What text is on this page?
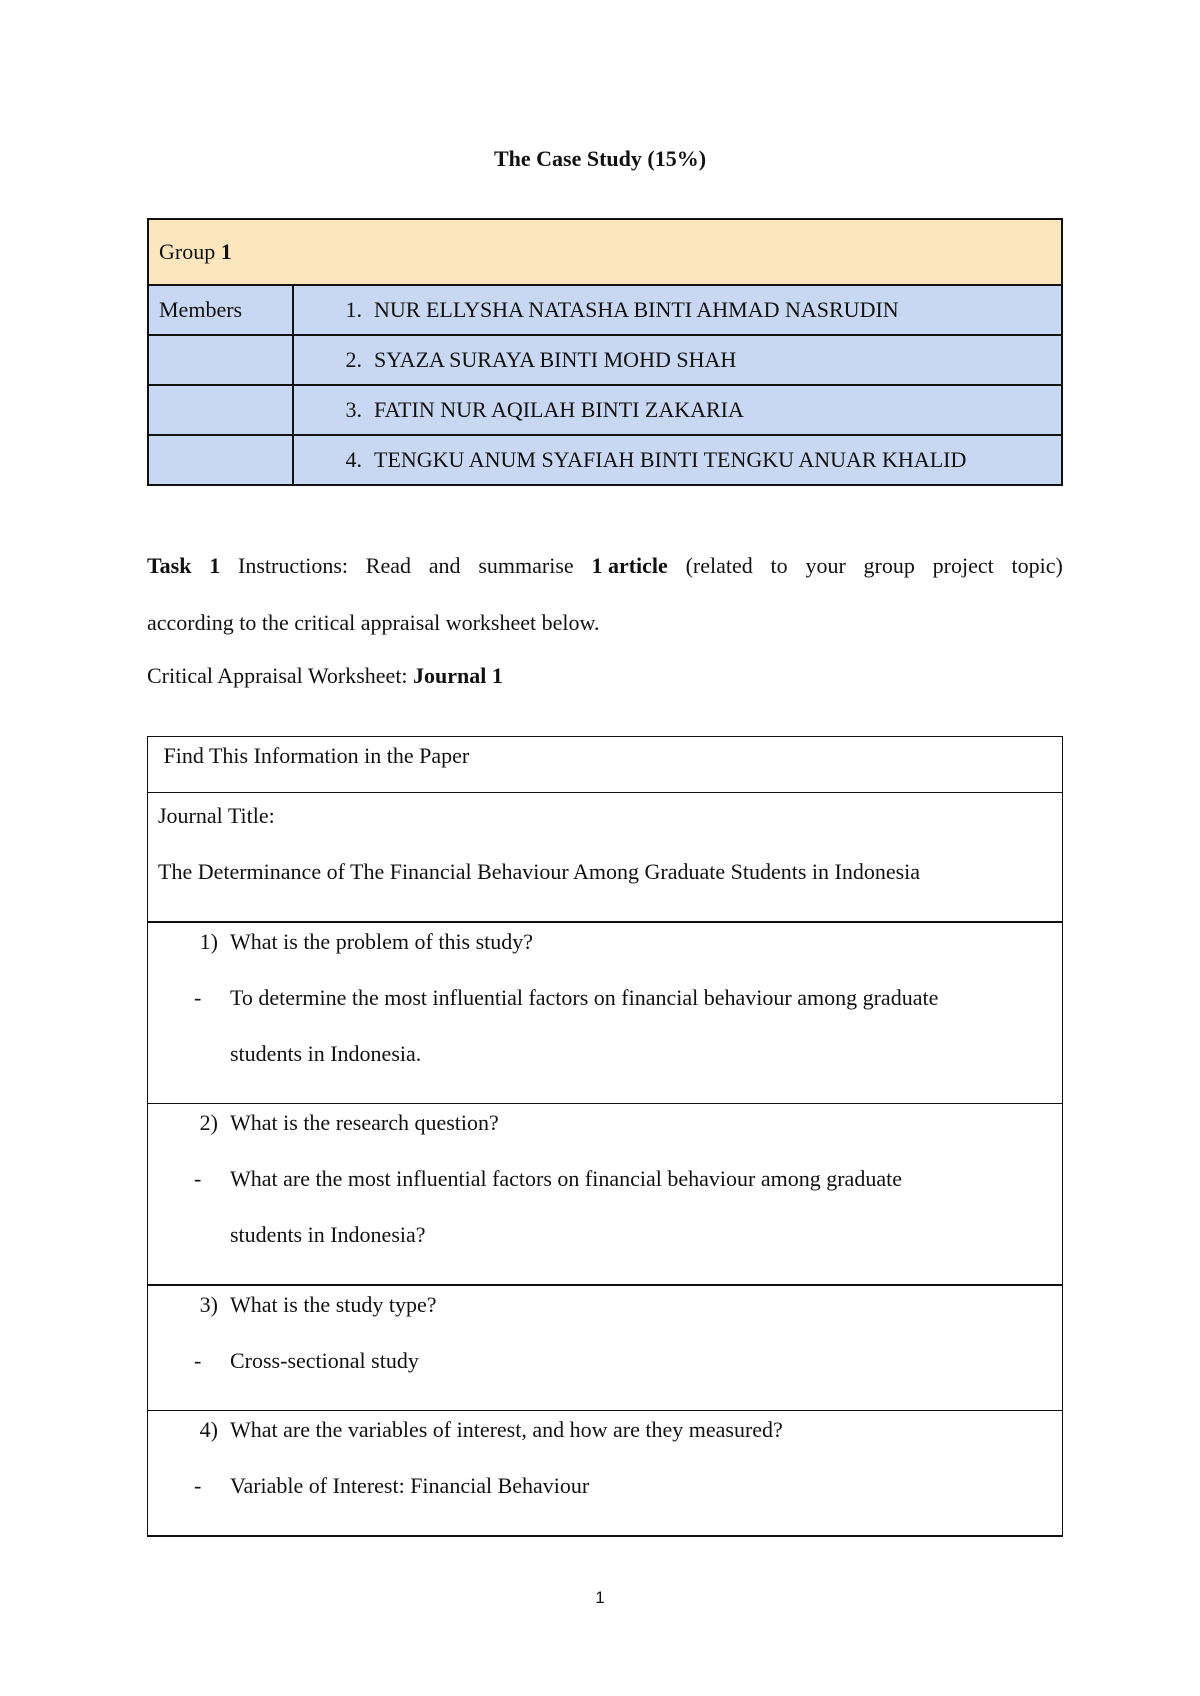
The Case Study (15%)
Group 1	
Members	1. NUR ELLYSHA NATASHA BINTI AHMAD NASRUDIN
	2. SYAZA SURAYA BINTI MOHD SHAH
	3. FATIN NUR AQILAH BINTI ZAKARIA
	4. TENGKU ANUM SYAFIAH BINTI TENGKU ANUAR KHALID
Task 1 Instructions: Read and summarise 1 article (related to your group project topic)
according to the critical appraisal worksheet below.
Critical Appraisal Worksheet: Journal 1
Find This Information in the Paper

Journal Title:
The Determinance of The Financial Behaviour Among Graduate Students in Indonesia

1) What is the problem of this study?
- To determine the most influential factors on financial behaviour among graduate
students in Indonesia.

2) What is the research question?
- What are the most influential factors on financial behaviour among graduate
students in Indonesia?

3) What is the study type?
- Cross-sectional study

4) What are the variables of interest, and how are they measured?
- Variable of Interest: Financial Behaviour
1
